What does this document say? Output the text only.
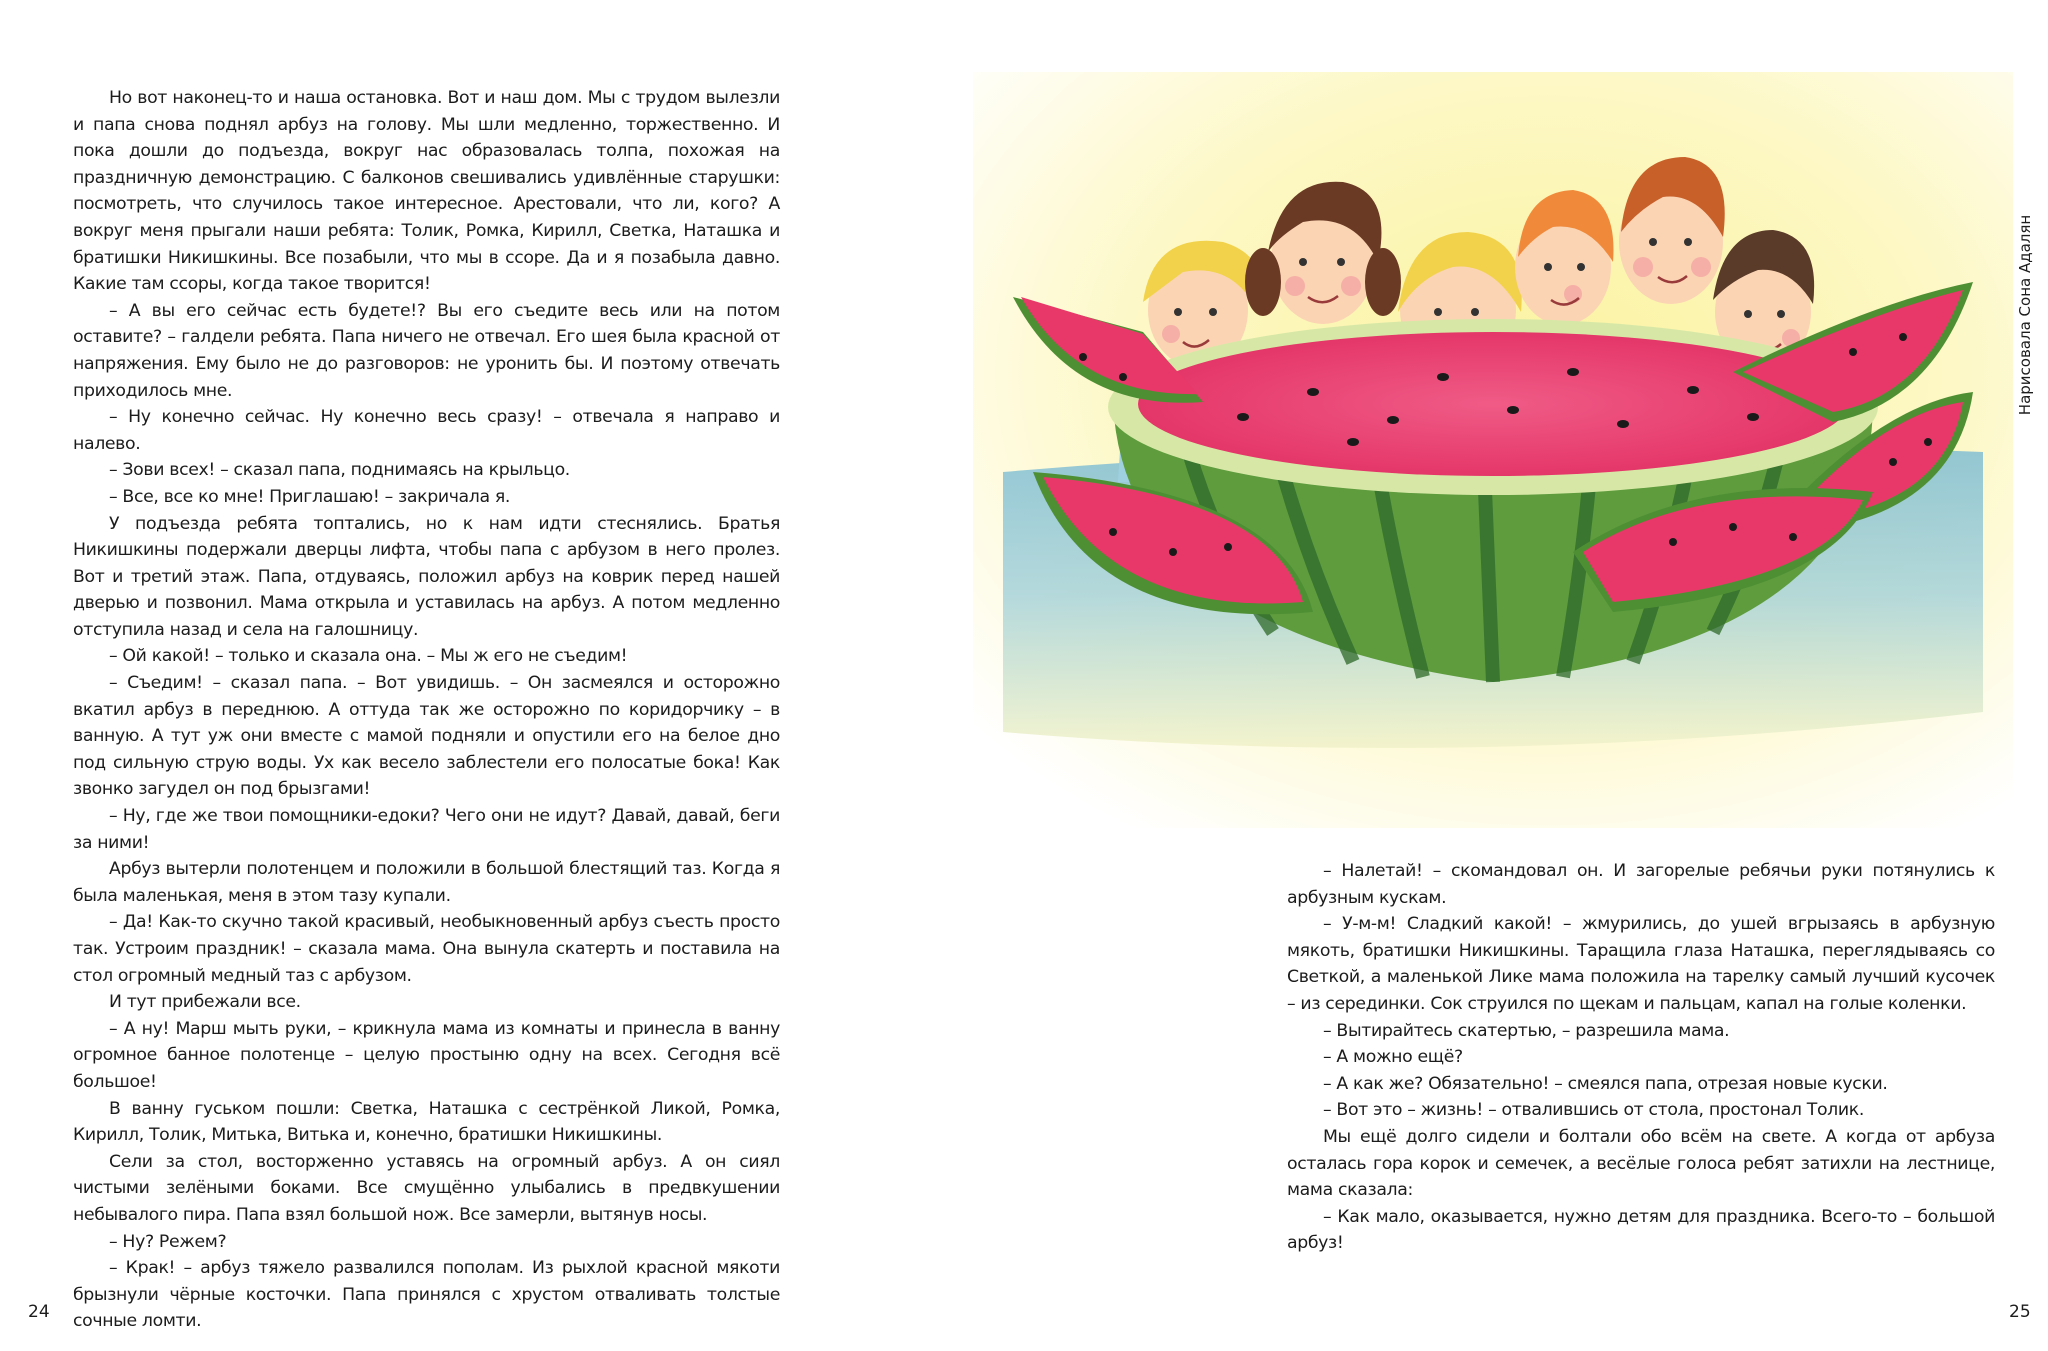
Но вот наконец-то и наша остановка. Вот и наш дом. Мы с трудом вылезли и папа снова поднял арбуз на голову. Мы шли медленно, торжественно. И пока дошли до подъезда, вокруг нас образовалась толпа, похожая на праздничную демонстрацию. С балконов свешивались удивлённые старушки: посмотреть, что случилось такое интересное. Арестовали, что ли, кого? А вокруг меня прыгали наши ребята: Толик, Ромка, Кирилл, Светка, Наташка и братишки Никишкины. Все позабыли, что мы в ссоре. Да и я позабыла давно. Какие там ссоры, когда такое творится!

– А вы его сейчас есть будете!? Вы его съедите весь или на потом оставите? – галдели ребята. Папа ничего не отвечал. Его шея была красной от напряжения. Ему было не до разговоров: не уронить бы. И поэтому отвечать приходилось мне.

– Ну конечно сейчас. Ну конечно весь сразу! – отвечала я направо и налево.

– Зови всех! – сказал папа, поднимаясь на крыльцо.

– Все, все ко мне! Приглашаю! – закричала я.

У подъезда ребята топтались, но к нам идти стеснялись. Братья Никишкины подержали дверцы лифта, чтобы папа с арбузом в него пролез. Вот и третий этаж. Папа, отдуваясь, положил арбуз на коврик перед нашей дверью и позвонил. Мама открыла и уставилась на арбуз. А потом медленно отступила назад и села на галошницу.

– Ой какой! – только и сказала она. – Мы ж его не съедим!

– Съедим! – сказал папа. – Вот увидишь. – Он засмеялся и осторожно вкатил арбуз в переднюю. А оттуда так же осторожно по коридорчику – в ванную. А тут уж они вместе с мамой подняли и опустили его на белое дно под сильную струю воды. Ух как весело заблестели его полосатые бока! Как звонко загудел он под брызгами!

– Ну, где же твои помощники-едоки? Чего они не идут? Давай, давай, беги за ними!

Арбуз вытерли полотенцем и положили в большой блестящий таз. Когда я была маленькая, меня в этом тазу купали.

– Да! Как-то скучно такой красивый, необыкновенный арбуз съесть просто так. Устроим праздник! – сказала мама. Она вынула скатерть и поставила на стол огромный медный таз с арбузом.

И тут прибежали все.

– А ну! Марш мыть руки, – крикнула мама из комнаты и принесла в ванну огромное банное полотенце – целую простыню одну на всех. Сегодня всё большое!

В ванну гуськом пошли: Светка, Наташка с сестрёнкой Ликой, Ромка, Кирилл, Толик, Митька, Витька и, конечно, братишки Никишкины.

Сели за стол, восторженно уставясь на огромный арбуз. А он сиял чистыми зелёными боками. Все смущённо улыбались в предвкушении небывалого пира. Папа взял большой нож. Все замерли, вытянув носы.

– Ну? Режем?

– Крак! – арбуз тяжело развалился пополам. Из рыхлой красной мякоти брызнули чёрные косточки. Папа принялся с хрустом отваливать толстые сочные ломти.

24

– Налетай! – скомандовал он. И загорелые ребячьи руки потянулись к арбузным кускам.

– У-м-м! Сладкий какой! – жмурились, до ушей вгрызаясь в арбузную мякоть, братишки Никишкины. Таращила глаза Наташка, переглядываясь со Светкой, а маленькой Лике мама положила на тарелку самый лучший кусочек – из серединки. Сок струился по щекам и пальцам, капал на голые коленки.

– Вытирайтесь скатертью, – разрешила мама.

– А можно ещё?

– А как же? Обязательно! – смеялся папа, отрезая новые куски.

– Вот это – жизнь! – отвалившись от стола, простонал Толик.

Мы ещё долго сидели и болтали обо всём на свете. А когда от арбуза осталась гора корок и семечек, а весёлые голоса ребят затихли на лестнице, мама сказала:

– Как мало, оказывается, нужно детям для праздника. Всего-то – большой арбуз!

25
Нарисовала Сона Адалян
